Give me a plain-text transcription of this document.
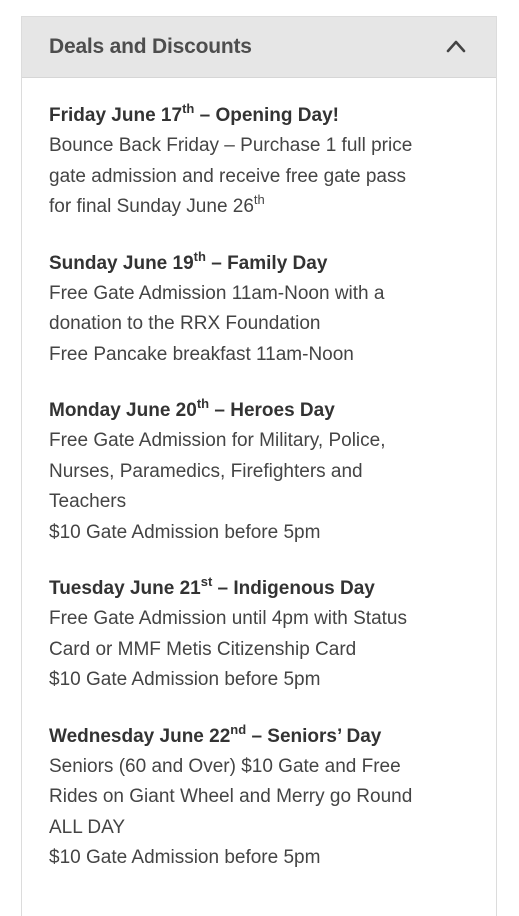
Deals and Discounts
Friday June 17th – Opening Day!
Bounce Back Friday – Purchase 1 full price
gate admission and receive free gate pass
for final Sunday June 26th
Sunday June 19th – Family Day
Free Gate Admission 11am-Noon with a
donation to the RRX Foundation
Free Pancake breakfast 11am-Noon
Monday June 20th – Heroes Day
Free Gate Admission for Military, Police,
Nurses, Paramedics, Firefighters and
Teachers
$10 Gate Admission before 5pm
Tuesday June 21st – Indigenous Day
Free Gate Admission until 4pm with Status
Card or MMF Metis Citizenship Card
$10 Gate Admission before 5pm
Wednesday June 22nd – Seniors’ Day
Seniors (60 and Over) $10 Gate and Free
Rides on Giant Wheel and Merry go Round
ALL DAY
$10 Gate Admission before 5pm
